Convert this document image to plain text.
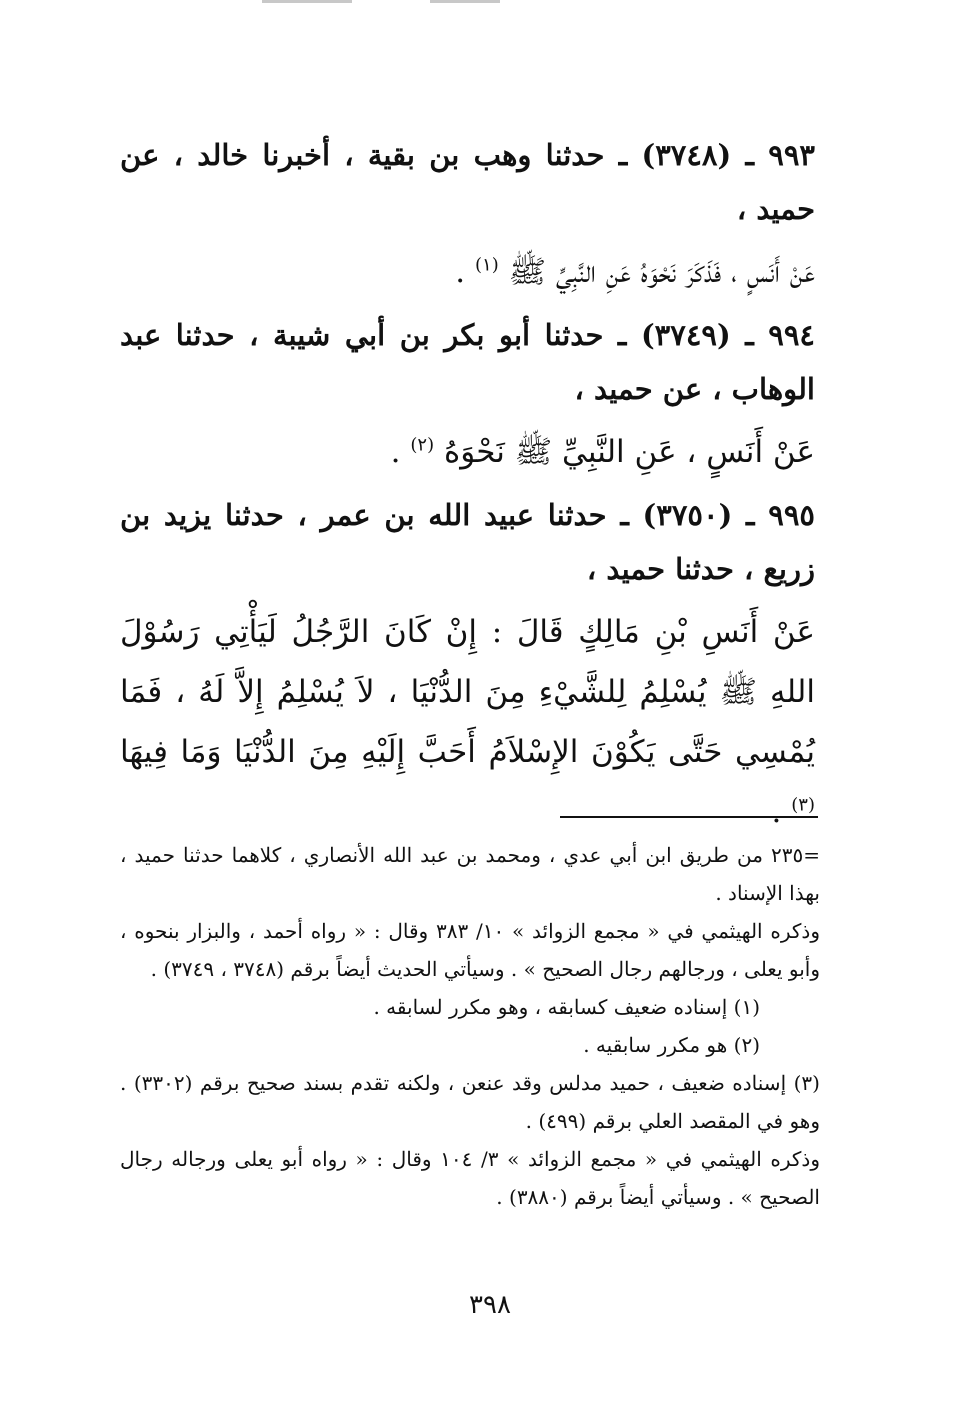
٩٩٣ ـ (٣٧٤٨) ـ حدثنا وهب بن بقية ، أخبرنا خالد ، عن حميد ،

عَنْ أَنَسٍ ، فَذَكَرَ نَحْوَهُ عَنِ النَّبِيِّ ﷺ $^{(١)}$ .

٩٩٤ ـ (٣٧٤٩) ـ حدثنا أبو بكر بن أبي شيبة ، حدثنا عبد الوهاب ، عن حميد ،

عَنْ أَنَسٍ ، عَنِ النَّبِيِّ ﷺ نَحْوَهُ $^{(٢)}$ .

٩٩٥ ـ (٣٧٥٠) ـ حدثنا عبيد الله بن عمر ، حدثنا يزيد بن زريع ، حدثنا حميد ،

عَنْ أَنَسِ بْنِ مَالِكٍ قَالَ : إِنْ كَانَ الرَّجُلُ لَيَأْتِي رَسُوْلَ اللهِ ﷺ يُسْلِمُ لِلشَّيْءِ مِنَ الدُّنْيَا ، لاَ يُسْلِمُ إِلاَّ لَهُ ، فَمَا يُمْسِي حَتَّى يَكُوْنَ الإِسْلاَمُ أَحَبَّ إِلَيْهِ مِنَ الدُّنْيَا وَمَا فِيهَا $^{(٣)}$ .

=٢٣٥ من طريق ابن أبي عدي ، ومحمد بن عبد الله الأنصاري ، كلاهما حدثنا حميد ، بهذا الإسناد .

وذكره الهيثمي في « مجمع الزوائد » ١٠/ ٣٨٣ وقال : « رواه أحمد ، والبزار بنحوه ، وأبو يعلى ، ورجالهم رجال الصحيح » . وسيأتي الحديث أيضاً برقم (٣٧٤٨ ، ٣٧٤٩) .

(١) إسناده ضعيف كسابقه ، وهو مكرر لسابقه .

(٢) هو مكرر سابقيه .

(٣) إسناده ضعيف ، حميد مدلس وقد عنعن ، ولكنه تقدم بسند صحيح برقم (٣٣٠٢) . وهو في المقصد العلي برقم (٤٩٩) .

وذكره الهيثمي في « مجمع الزوائد » ٣/ ١٠٤ وقال : « رواه أبو يعلى ورجاله رجال الصحيح » . وسيأتي أيضاً برقم (٣٨٨٠) .

٣٩٨
